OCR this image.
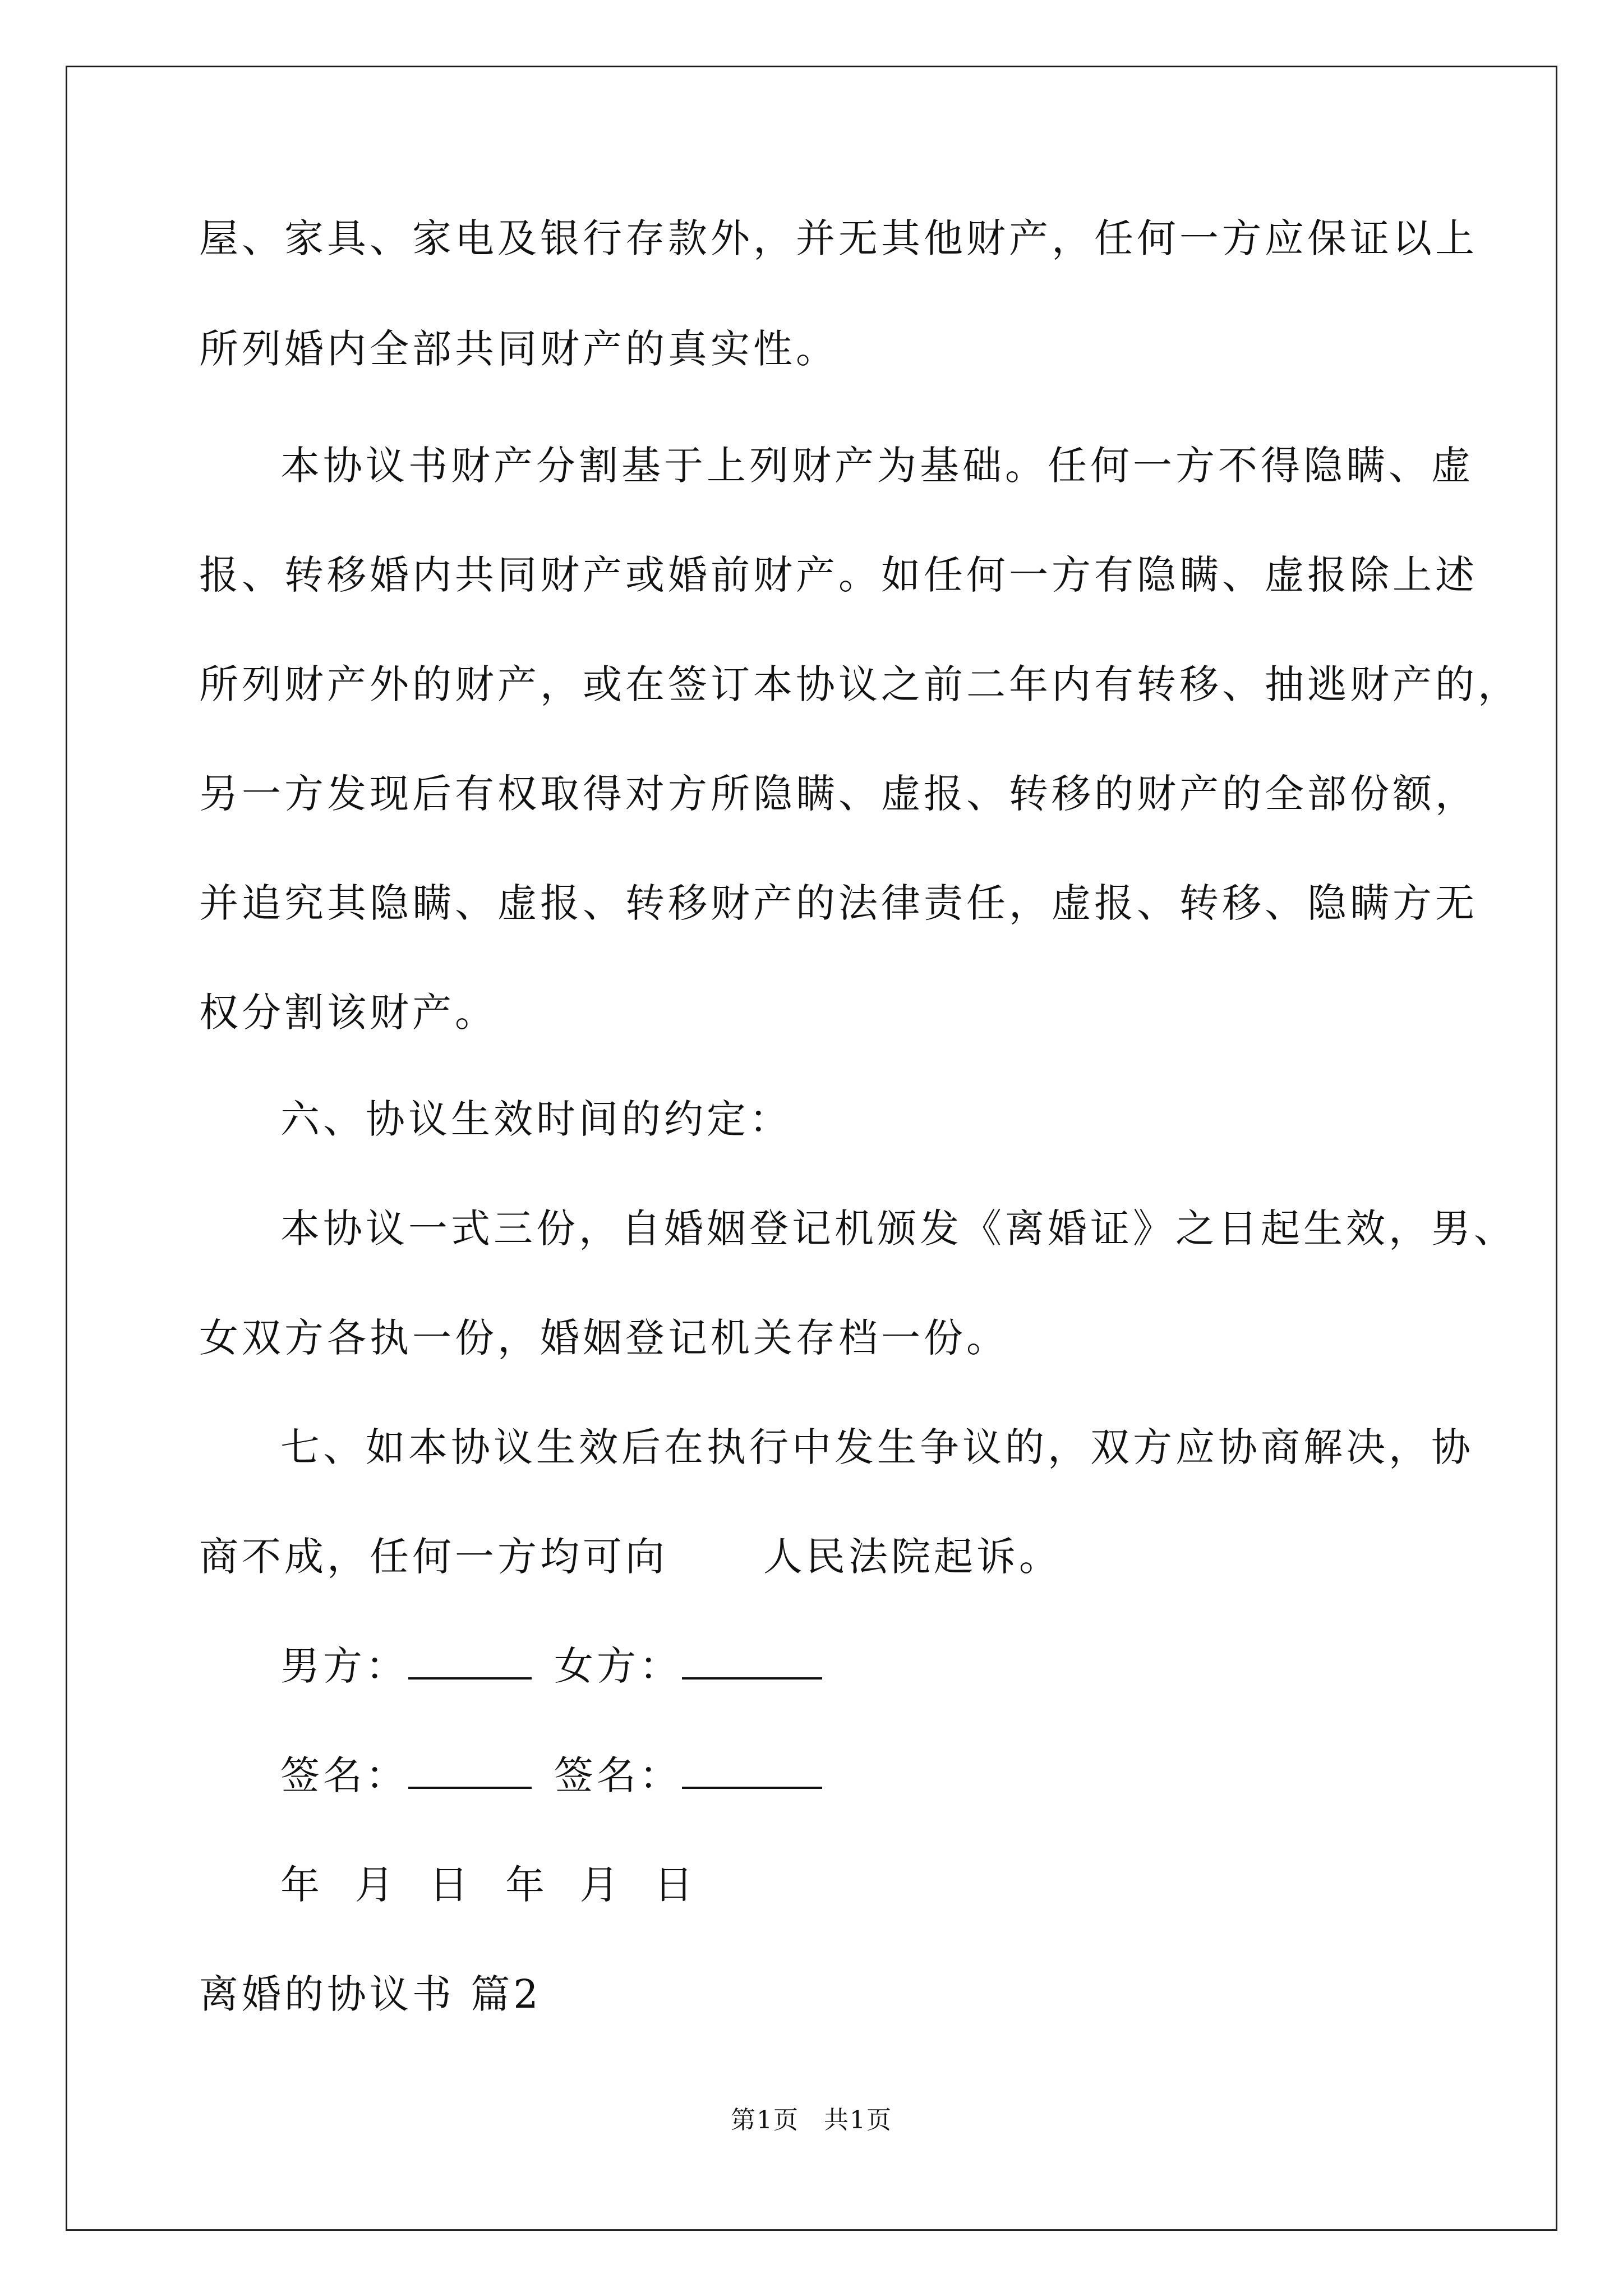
屋、家具、家电及银行存款外，并无其他财产，任何一方应保证以上
所列婚内全部共同财产的真实性。
本协议书财产分割基于上列财产为基础。任何一方不得隐瞒、虚
报、转移婚内共同财产或婚前财产。如任何一方有隐瞒、虚报除上述
所列财产外的财产，或在签订本协议之前二年内有转移、抽逃财产的，
另一方发现后有权取得对方所隐瞒、虚报、转移的财产的全部份额，
并追究其隐瞒、虚报、转移财产的法律责任，虚报、转移、隐瞒方无
权分割该财产。
六、协议生效时间的约定：
本协议一式三份，自婚姻登记机颁发《离婚证》之日起生效，男、
女双方各执一份，婚姻登记机关存档一份。
七、如本协议生效后在执行中发生争议的，双方应协商解决，协
商不成，任何一方均可向 人民法院起诉。
男方：	女方：
签名：	签名：
年  月  日 年  月  日
离婚的协议书 篇2
第1页 共1页
